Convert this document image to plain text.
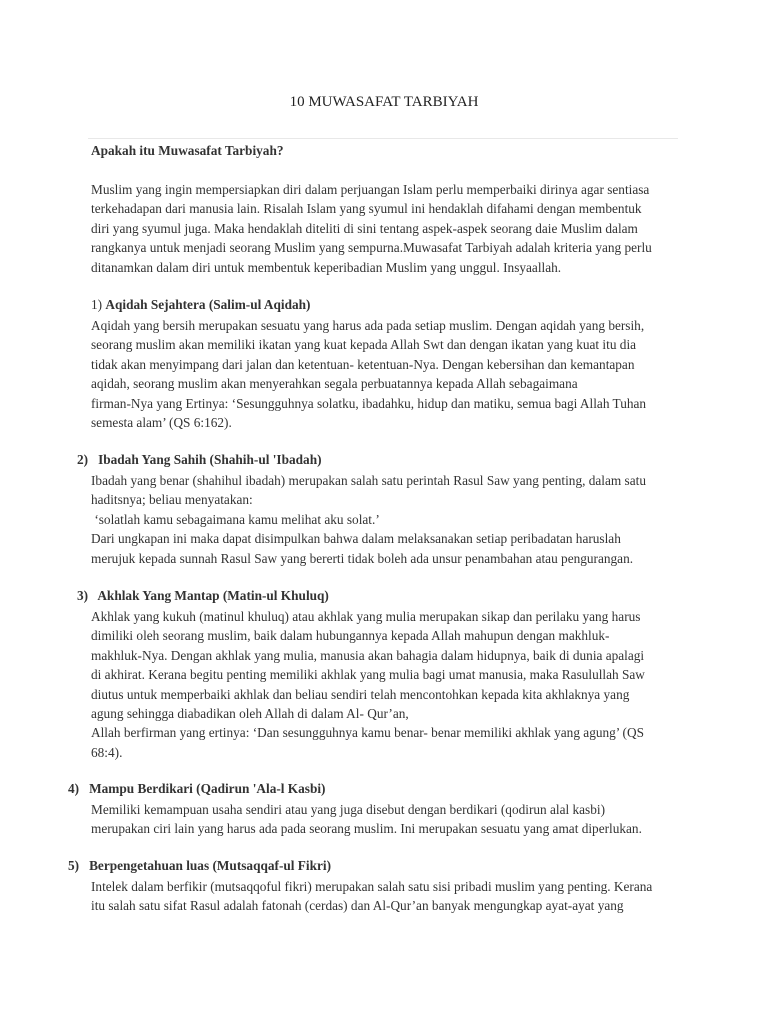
10 MUWASAFAT TARBIYAH
Apakah itu Muwasafat Tarbiyah?
Muslim yang ingin mempersiapkan diri dalam perjuangan Islam perlu memperbaiki dirinya agar sentiasa
terkehadapan dari manusia lain. Risalah Islam yang syumul ini hendaklah difahami dengan membentuk
diri yang syumul juga. Maka hendaklah diteliti di sini tentang aspek-aspek seorang daie Muslim dalam
rangkanya untuk menjadi seorang Muslim yang sempurna.Muwasafat Tarbiyah adalah kriteria yang perlu
ditanamkan dalam diri untuk membentuk keperibadian Muslim yang unggul. Insyaallah.
1) Aqidah Sejahtera (Salim-ul Aqidah)
Aqidah yang bersih merupakan sesuatu yang harus ada pada setiap muslim. Dengan aqidah yang bersih,
seorang muslim akan memiliki ikatan yang kuat kepada Allah Swt dan dengan ikatan yang kuat itu dia
tidak akan menyimpang dari jalan dan ketentuan- ketentuan-Nya. Dengan kebersihan dan kemantapan
aqidah, seorang muslim akan menyerahkan segala perbuatannya kepada Allah sebagaimana
firman-Nya yang Ertinya: ‘Sesungguhnya solatku, ibadahku, hidup dan matiku, semua bagi Allah Tuhan
semesta alam’ (QS 6:162).
2) Ibadah Yang Sahih (Shahih-ul 'Ibadah)
Ibadah yang benar (shahihul ibadah) merupakan salah satu perintah Rasul Saw yang penting, dalam satu
haditsnya; beliau menyatakan:
‘solatlah kamu sebagaimana kamu melihat aku solat.’
Dari ungkapan ini maka dapat disimpulkan bahwa dalam melaksanakan setiap peribadatan haruslah
merujuk kepada sunnah Rasul Saw yang bererti tidak boleh ada unsur penambahan atau pengurangan.
3) Akhlak Yang Mantap (Matin-ul Khuluq)
Akhlak yang kukuh (matinul khuluq) atau akhlak yang mulia merupakan sikap dan perilaku yang harus
dimiliki oleh seorang muslim, baik dalam hubungannya kepada Allah mahupun dengan makhluk-
makhluk-Nya. Dengan akhlak yang mulia, manusia akan bahagia dalam hidupnya, baik di dunia apalagi
di akhirat. Kerana begitu penting memiliki akhlak yang mulia bagi umat manusia, maka Rasulullah Saw
diutus untuk memperbaiki akhlak dan beliau sendiri telah mencontohkan kepada kita akhlaknya yang
agung sehingga diabadikan oleh Allah di dalam Al- Qur’an,
Allah berfirman yang ertinya: ‘Dan sesungguhnya kamu benar- benar memiliki akhlak yang agung’ (QS
68:4).
4) Mampu Berdikari (Qadirun 'Ala-l Kasbi)
Memiliki kemampuan usaha sendiri atau yang juga disebut dengan berdikari (qodirun alal kasbi)
merupakan ciri lain yang harus ada pada seorang muslim. Ini merupakan sesuatu yang amat diperlukan.
5) Berpengetahuan luas (Mutsaqqaf-ul Fikri)
Intelek dalam berfikir (mutsaqqoful fikri) merupakan salah satu sisi pribadi muslim yang penting. Kerana
itu salah satu sifat Rasul adalah fatonah (cerdas) dan Al-Qur’an banyak mengungkap ayat-ayat yang
